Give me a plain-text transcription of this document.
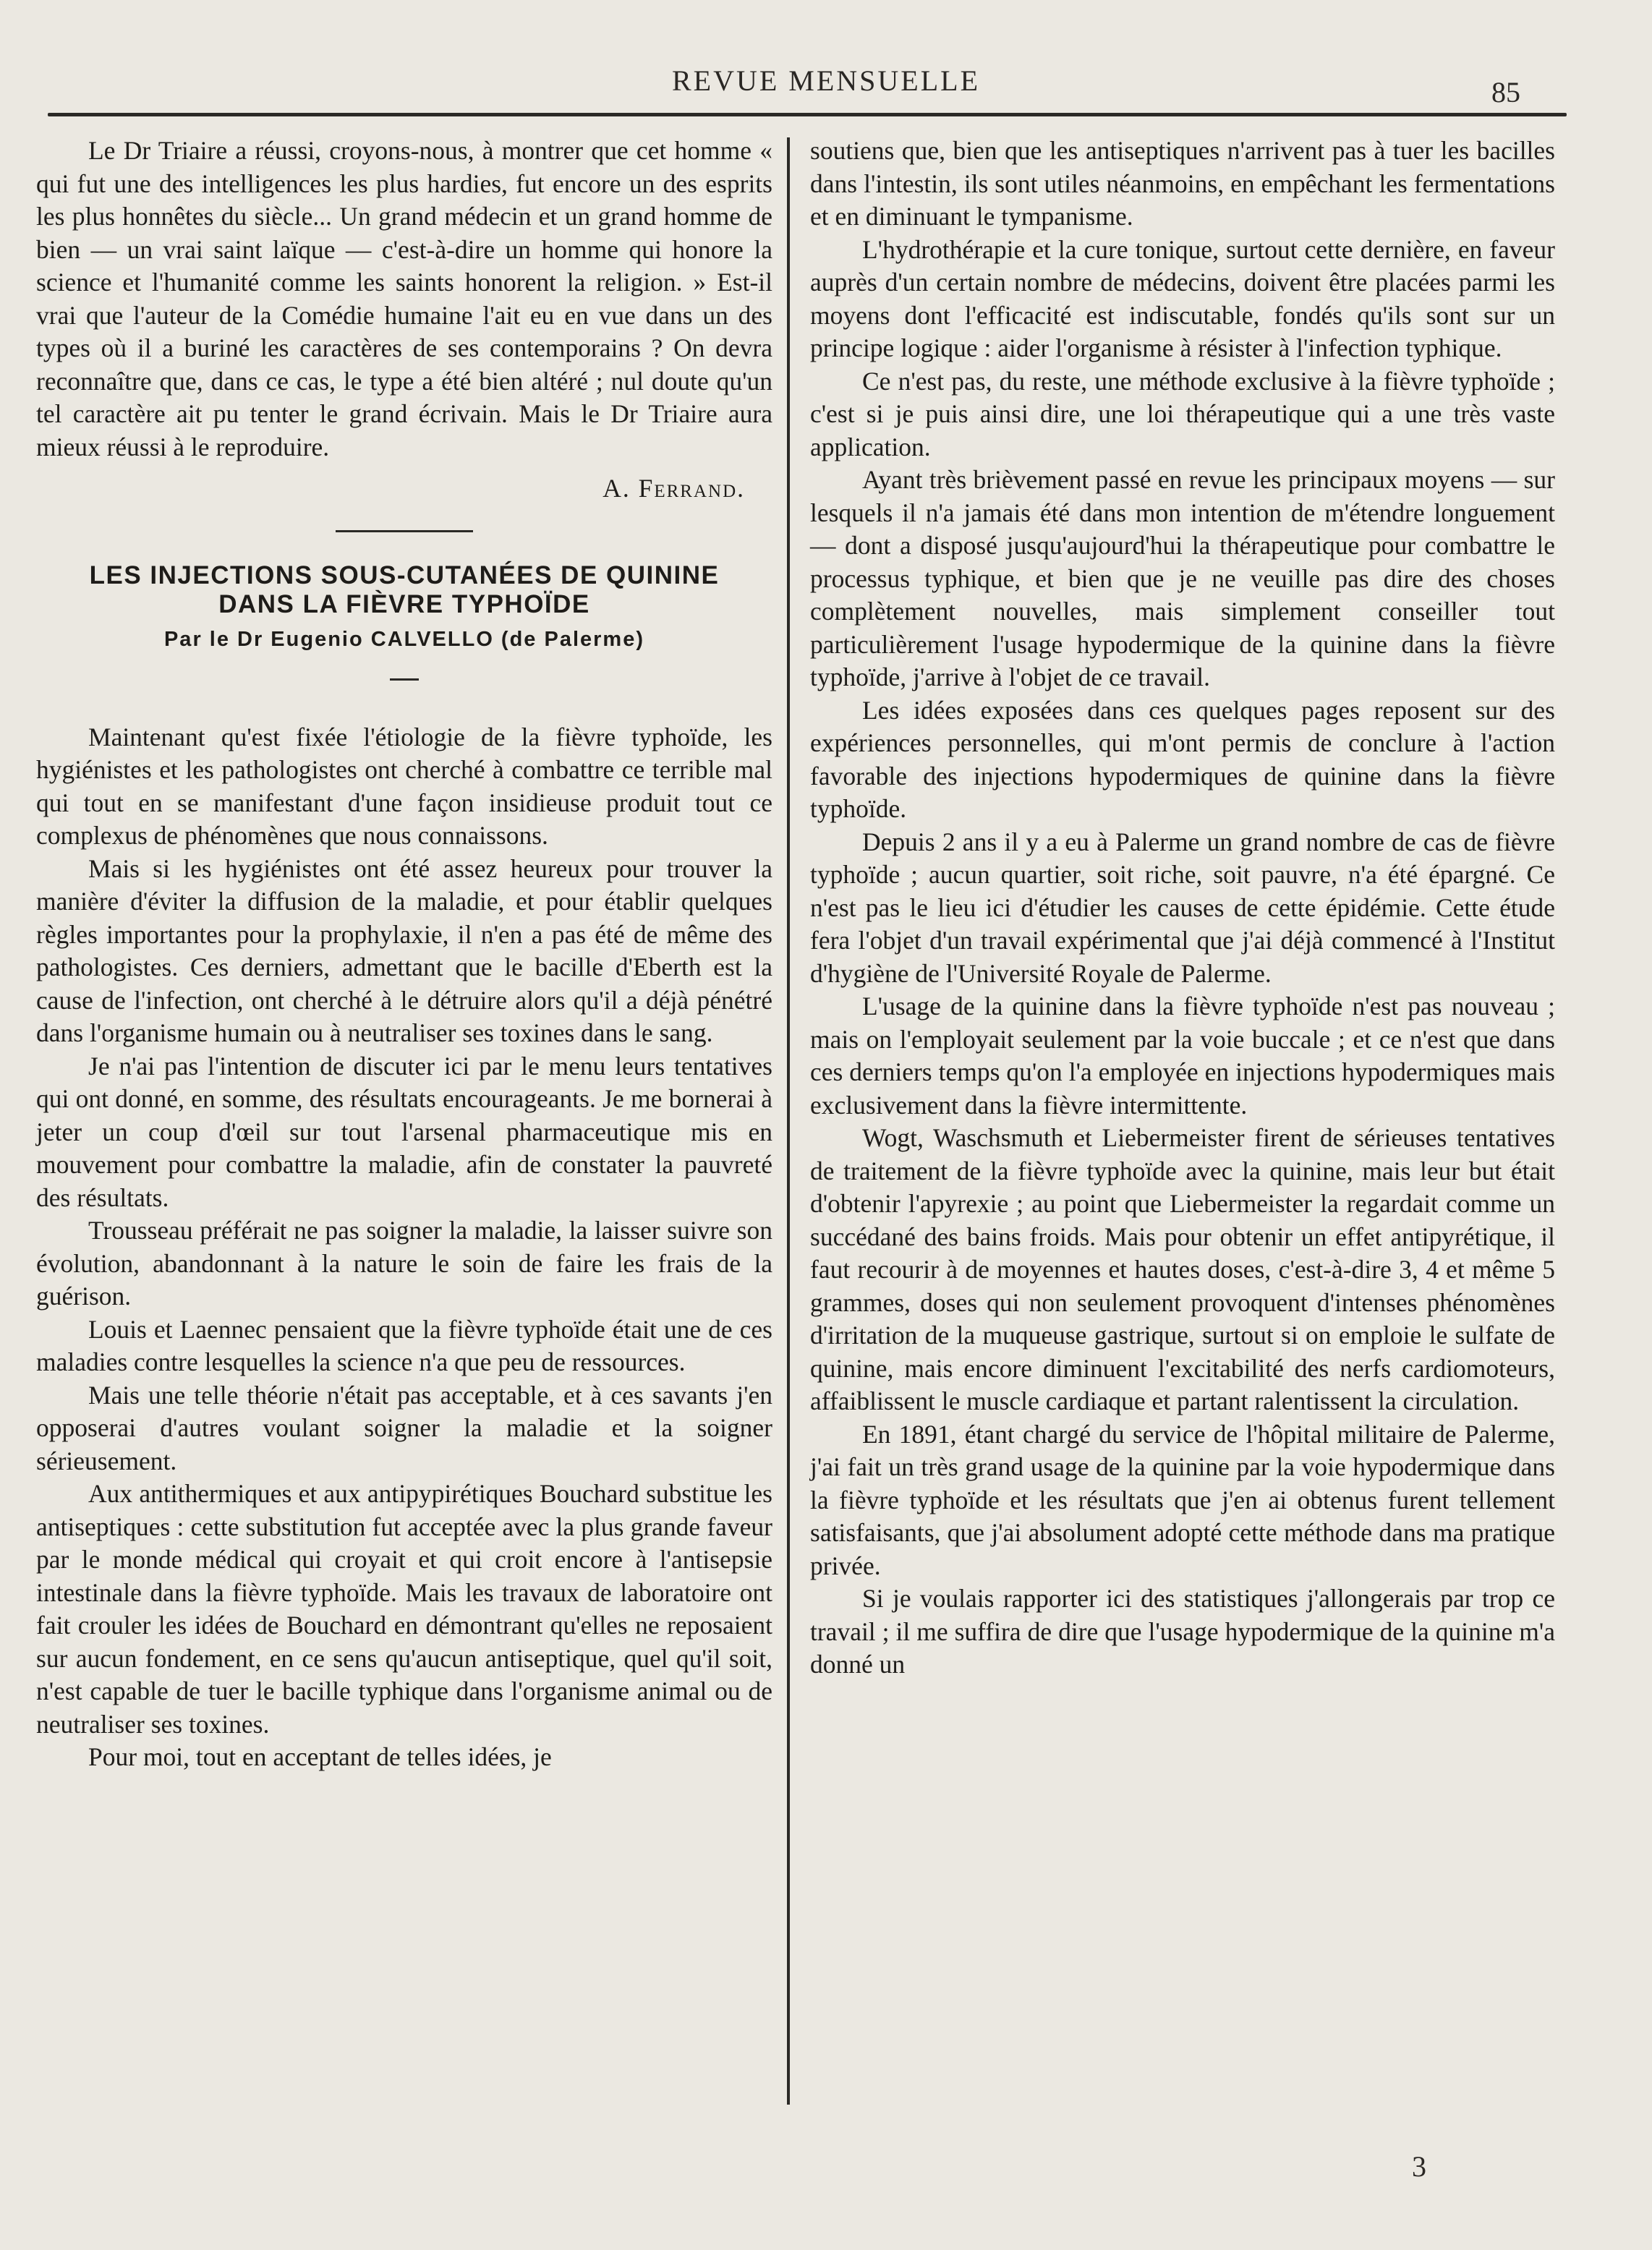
REVUE MENSUELLE	85

Le Dr Triaire a réussi, croyons-nous, à montrer que cet homme « qui fut une des intelligences les plus hardies, fut encore un des esprits les plus honnêtes du siècle... Un grand médecin et un grand homme de bien — un vrai saint laïque — c'est-à-dire un homme qui honore la science et l'humanité comme les saints honorent la religion. » Est-il vrai que l'auteur de la Comédie humaine l'ait eu en vue dans un des types où il a buriné les caractères de ses contemporains ? On devra reconnaître que, dans ce cas, le type a été bien altéré ; nul doute qu'un tel caractère ait pu tenter le grand écrivain. Mais le Dr Triaire aura mieux réussi à le reproduire.

A. Ferrand.
LES INJECTIONS SOUS-CUTANÉES DE QUININE
DANS LA FIÈVRE TYPHOÏDE
Par le Dr Eugenio CALVELLO (de Palerme)

Maintenant qu'est fixée l'étiologie de la fièvre typhoïde, les hygiénistes et les pathologistes ont cherché à combattre ce terrible mal qui tout en se manifestant d'une façon insidieuse produit tout ce complexus de phénomènes que nous connaissons.

Mais si les hygiénistes ont été assez heureux pour trouver la manière d'éviter la diffusion de la maladie, et pour établir quelques règles importantes pour la prophylaxie, il n'en a pas été de même des pathologistes. Ces derniers, admettant que le bacille d'Eberth est la cause de l'infection, ont cherché à le détruire alors qu'il a déjà pénétré dans l'organisme humain ou à neutraliser ses toxines dans le sang.

Je n'ai pas l'intention de discuter ici par le menu leurs tentatives qui ont donné, en somme, des résultats encourageants. Je me bornerai à jeter un coup d'œil sur tout l'arsenal pharmaceutique mis en mouvement pour combattre la maladie, afin de constater la pauvreté des résultats.

Trousseau préférait ne pas soigner la maladie, la laisser suivre son évolution, abandonnant à la nature le soin de faire les frais de la guérison.

Louis et Laennec pensaient que la fièvre typhoïde était une de ces maladies contre lesquelles la science n'a que peu de ressources.

Mais une telle théorie n'était pas acceptable, et à ces savants j'en opposerai d'autres voulant soigner la maladie et la soigner sérieusement.

Aux antithermiques et aux antipypirétiques Bouchard substitue les antiseptiques : cette substitution fut acceptée avec la plus grande faveur par le monde médical qui croyait et qui croit encore à l'antisepsie intestinale dans la fièvre typhoïde. Mais les travaux de laboratoire ont fait crouler les idées de Bouchard en démontrant qu'elles ne reposaient sur aucun fondement, en ce sens qu'aucun antiseptique, quel qu'il soit, n'est capable de tuer le bacille typhique dans l'organisme animal ou de neutraliser ses toxines.

Pour moi, tout en acceptant de telles idées, je

soutiens que, bien que les antiseptiques n'arrivent pas à tuer les bacilles dans l'intestin, ils sont utiles néanmoins, en empêchant les fermentations et en diminuant le tympanisme.

L'hydrothérapie et la cure tonique, surtout cette dernière, en faveur auprès d'un certain nombre de médecins, doivent être placées parmi les moyens dont l'efficacité est indiscutable, fondés qu'ils sont sur un principe logique : aider l'organisme à résister à l'infection typhique.

Ce n'est pas, du reste, une méthode exclusive à la fièvre typhoïde ; c'est si je puis ainsi dire, une loi thérapeutique qui a une très vaste application.

Ayant très brièvement passé en revue les principaux moyens — sur lesquels il n'a jamais été dans mon intention de m'étendre longuement — dont a disposé jusqu'aujourd'hui la thérapeutique pour combattre le processus typhique, et bien que je ne veuille pas dire des choses complètement nouvelles, mais simplement conseiller tout particulièrement l'usage hypodermique de la quinine dans la fièvre typhoïde, j'arrive à l'objet de ce travail.

Les idées exposées dans ces quelques pages reposent sur des expériences personnelles, qui m'ont permis de conclure à l'action favorable des injections hypodermiques de quinine dans la fièvre typhoïde.

Depuis 2 ans il y a eu à Palerme un grand nombre de cas de fièvre typhoïde ; aucun quartier, soit riche, soit pauvre, n'a été épargné. Ce n'est pas le lieu ici d'étudier les causes de cette épidémie. Cette étude fera l'objet d'un travail expérimental que j'ai déjà commencé à l'Institut d'hygiène de l'Université Royale de Palerme.

L'usage de la quinine dans la fièvre typhoïde n'est pas nouveau ; mais on l'employait seulement par la voie buccale ; et ce n'est que dans ces derniers temps qu'on l'a employée en injections hypodermiques mais exclusivement dans la fièvre intermittente.

Wogt, Waschsmuth et Liebermeister firent de sérieuses tentatives de traitement de la fièvre typhoïde avec la quinine, mais leur but était d'obtenir l'apyrexie ; au point que Liebermeister la regardait comme un succédané des bains froids. Mais pour obtenir un effet antipyrétique, il faut recourir à de moyennes et hautes doses, c'est-à-dire 3, 4 et même 5 grammes, doses qui non seulement provoquent d'intenses phénomènes d'irritation de la muqueuse gastrique, surtout si on emploie le sulfate de quinine, mais encore diminuent l'excitabilité des nerfs cardiomoteurs, affaiblissent le muscle cardiaque et partant ralentissent la circulation.

En 1891, étant chargé du service de l'hôpital militaire de Palerme, j'ai fait un très grand usage de la quinine par la voie hypodermique dans la fièvre typhoïde et les résultats que j'en ai obtenus furent tellement satisfaisants, que j'ai absolument adopté cette méthode dans ma pratique privée.

Si je voulais rapporter ici des statistiques j'allongerais par trop ce travail ; il me suffira de dire que l'usage hypodermique de la quinine m'a donné un

3
